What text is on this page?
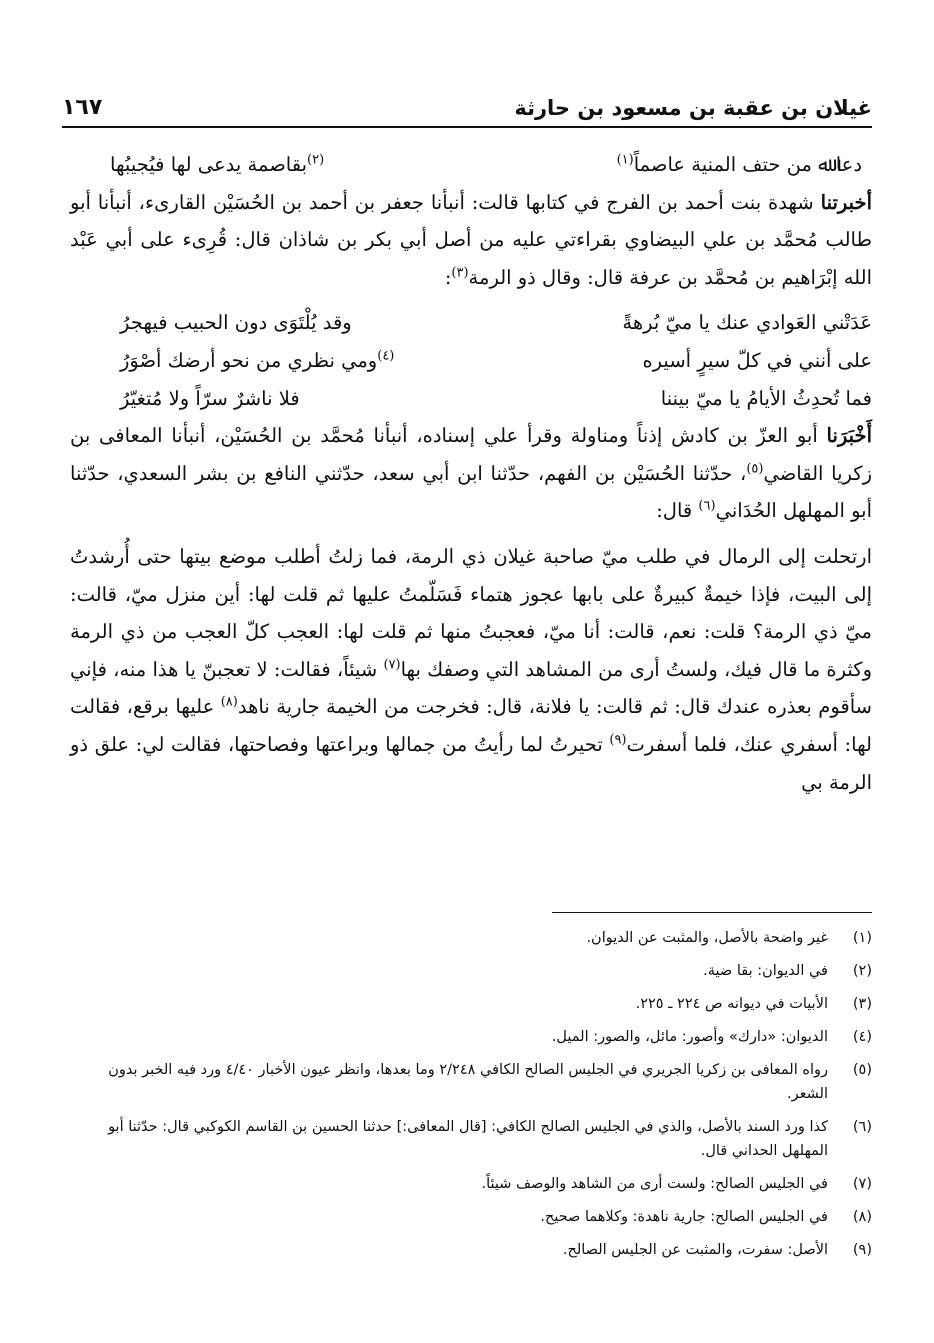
غيلان بن عقبة بن مسعود بن حارثة
١٦٧
دعا ﷲ من حتف المنية عاصماً$^{(١)}$
$^{(٢)}$بقاصمة يدعى لها فيُجيبُها

أخبرتنا شهدة بنت أحمد بن الفرج في كتابها قالت: أنبأنا جعفر بن أحمد بن الحُسَيْن القارىء، أنبأنا أبو طالب مُحمَّد بن علي البيضاوي بقراءتي عليه من أصل أبي بكر بن شاذان قال: قُرِىء على أبي عَبْد الله إبْرَاهيم بن مُحمَّد بن عرفة قال: وقال ذو الرمة$^{(٣)}$:

عَدَتْني العَوادي عنك يا ميّ بُرهةً
وقد يُلْتَوَى دون الحبيب فيهجرُ
على أنني في كلّ سيرٍ أسيره
$^{(٤)}$ومي نظري من نحو أرضك أصْوَرُ
فما تُحدِثُ الأيامُ يا ميّ بيننا
فلا ناشرٌ سرّاً ولا مُتغيّرُ

أَخْبَرَنا أبو العزّ بن كادش إذناً ومناولة وقرأ علي إسناده، أنبأنا مُحمَّد بن الحُسَيْن، أنبأنا المعافى بن زكريا القاضي$^{(٥)}$، حدّثنا الحُسَيْن بن الفهم، حدّثنا ابن أبي سعد، حدّثني النافع بن بشر السعدي، حدّثنا أبو المهلهل الحُدَاني$^{(٦)}$ قال:

ارتحلت إلى الرمال في طلب ميّ صاحبة غيلان ذي الرمة، فما زلتُ أطلب موضع بيتها حتى أُرشدتُ إلى البيت، فإذا خيمةٌ كبيرةٌ على بابها عجوز هتماء فَسَلّمتُ عليها ثم قلت لها: أين منزل ميّ، قالت: ميّ ذي الرمة؟ قلت: نعم، قالت: أنا ميّ، فعجبتُ منها ثم قلت لها: العجب كلّ العجب من ذي الرمة وكثرة ما قال فيك، ولستُ أرى من المشاهد التي وصفك بها$^{(٧)}$ شيئاً، فقالت: لا تعجبنّ يا هذا منه، فإني سأقوم بعذره عندك قال: ثم قالت: يا فلانة، قال: فخرجت من الخيمة جارية ناهد$^{(٨)}$ عليها برقع، فقالت لها: أسفري عنك، فلما أسفرت$^{(٩)}$ تحيرتُ لما رأيتُ من جمالها وبراعتها وفصاحتها، فقالت لي: علق ذو الرمة بي

(١)
غير واضحة بالأصل، والمثبت عن الديوان.
(٢)
في الديوان: بقا ضية.
(٣)
الأبيات في ديوانه ص ٢٢٤ ـ ٢٢٥.
(٤)
الديوان: «دارك» وأصور: مائل، والصور: الميل.
(٥)
رواه المعافى بن زكريا الجريري في الجليس الصالح الكافي ٢/٢٤٨ وما بعدها، وانظر عيون الأخبار ٤/٤٠ ورد فيه الخبر بدون الشعر.
(٦)
كذا ورد السند بالأصل، والذي في الجليس الصالح الكافي: [قال المعافى:] حدثنا الحسين بن القاسم الكوكبي قال: حدّثنا أبو المهلهل الحداني قال.
(٧)
في الجليس الصالح: ولست أرى من الشاهد والوصف شيئاً.
(٨)
في الجليس الصالح: جارية ناهدة: وكلاهما صحيح.
(٩)
الأصل: سفرت، والمثبت عن الجليس الصالح.
